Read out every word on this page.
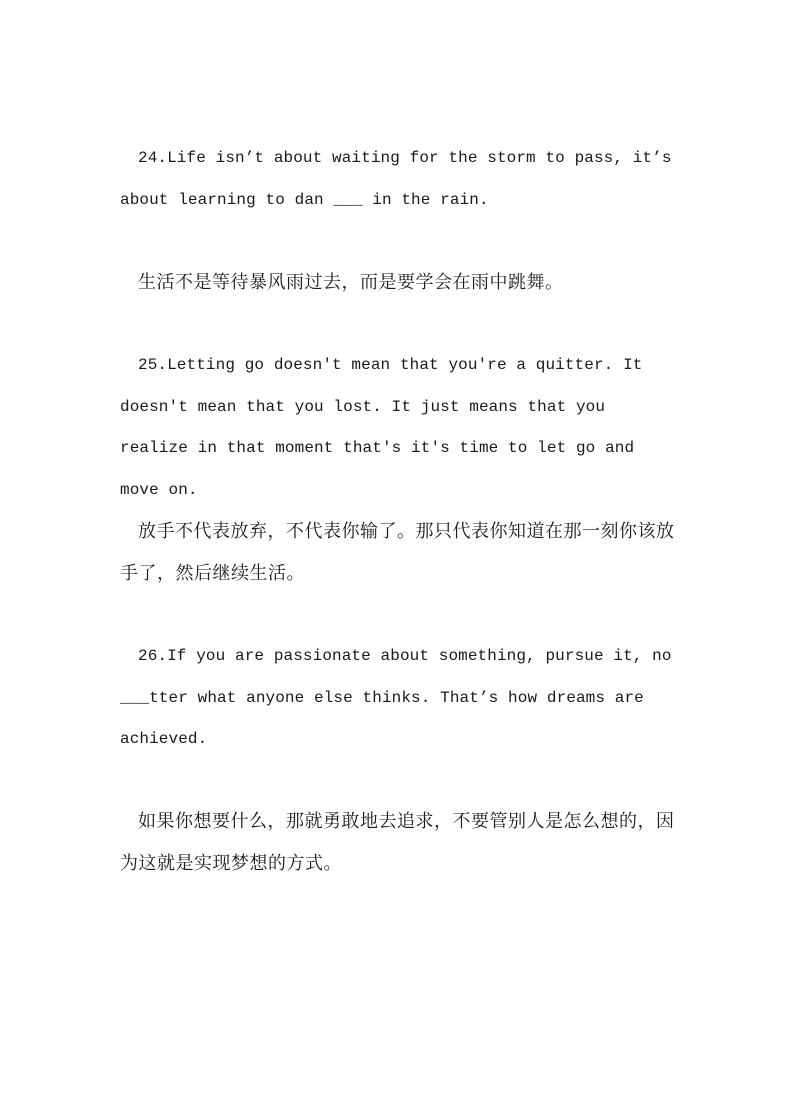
24.Life isn’t about waiting for the storm to pass, it’s about learning to dan ___ in the rain.

生活不是等待暴风雨过去，而是要学会在雨中跳舞。

25.Letting go doesn't mean that you're a quitter. It doesn't mean that you lost. It just means that you realize in that moment that's it's time to let go and move on.

放手不代表放弃，不代表你输了。那只代表你知道在那一刻你该放手了，然后继续生活。

26.If you are passionate about something, pursue it, no ___tter what anyone else thinks. That’s how dreams are achieved.

如果你想要什么，那就勇敢地去追求，不要管别人是怎么想的，因为这就是实现梦想的方式。
